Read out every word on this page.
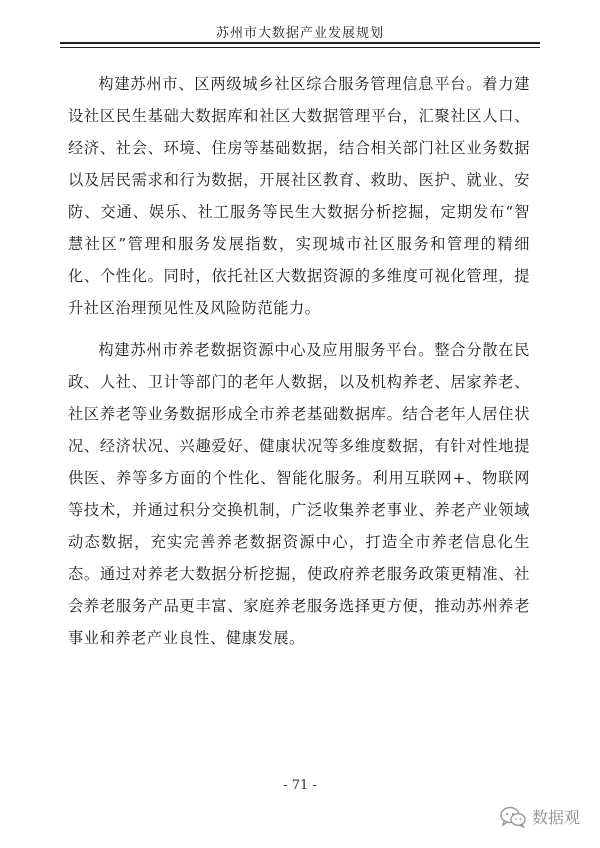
苏州市大数据产业发展规划

构建苏州市、区两级城乡社区综合服务管理信息平台。着力建设社区民生基础大数据库和社区大数据管理平台，汇聚社区人口、经济、社会、环境、住房等基础数据，结合相关部门社区业务数据以及居民需求和行为数据，开展社区教育、救助、医护、就业、安防、交通、娱乐、社工服务等民生大数据分析挖掘，定期发布“智慧社区”管理和服务发展指数，实现城市社区服务和管理的精细化、个性化。同时，依托社区大数据资源的多维度可视化管理，提升社区治理预见性及风险防范能力。

构建苏州市养老数据资源中心及应用服务平台。整合分散在民政、人社、卫计等部门的老年人数据，以及机构养老、居家养老、社区养老等业务数据形成全市养老基础数据库。结合老年人居住状况、经济状况、兴趣爱好、健康状况等多维度数据，有针对性地提供医、养等多方面的个性化、智能化服务。利用互联网+、物联网等技术，并通过积分交换机制，广泛收集养老事业、养老产业领域动态数据，充实完善养老数据资源中心，打造全市养老信息化生态。通过对养老大数据分析挖掘，使政府养老服务政策更精准、社会养老服务产品更丰富、家庭养老服务选择更方便，推动苏州养老事业和养老产业良性、健康发展。

- 71 -
数据观
